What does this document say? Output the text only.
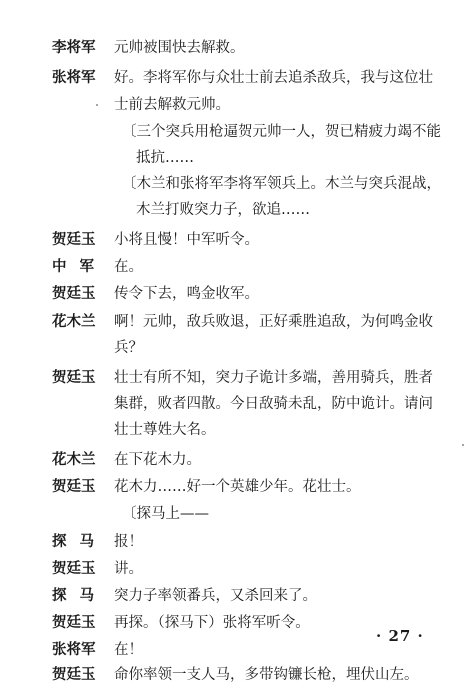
李将军	元帅被围快去解救。
张将军	好。李将军你与众壮士前去追杀敌兵，我与这位壮
士前去解救元帅。
〔三个突兵用枪逼贺元帅一人，贺已精疲力竭不能
抵抗……
〔木兰和张将军李将军领兵上。木兰与突兵混战，
木兰打败突力子，欲追……
贺廷玉	小将且慢！中军听令。
中军 在。
贺廷玉	传令下去，鸣金收军。
花木兰	啊！元帅，敌兵败退，正好乘胜追敌，为何鸣金收
兵？
贺廷玉	壮士有所不知，突力子诡计多端，善用骑兵，胜者
集群，败者四散。今日敌骑未乱，防中诡计。请问
壮士尊姓大名。
花木兰	在下花木力。
贺廷玉	花木力……好一个英雄少年。花壮士。
〔探马上——
探马 报！
贺廷玉	讲。
探马 突力子率领番兵，又杀回来了。
贺廷玉	再探。（探马下）张将军听令。
张将军	在！
贺廷玉	命你率领一支人马，多带钩镰长枪，埋伏山左。
· 27 ·
